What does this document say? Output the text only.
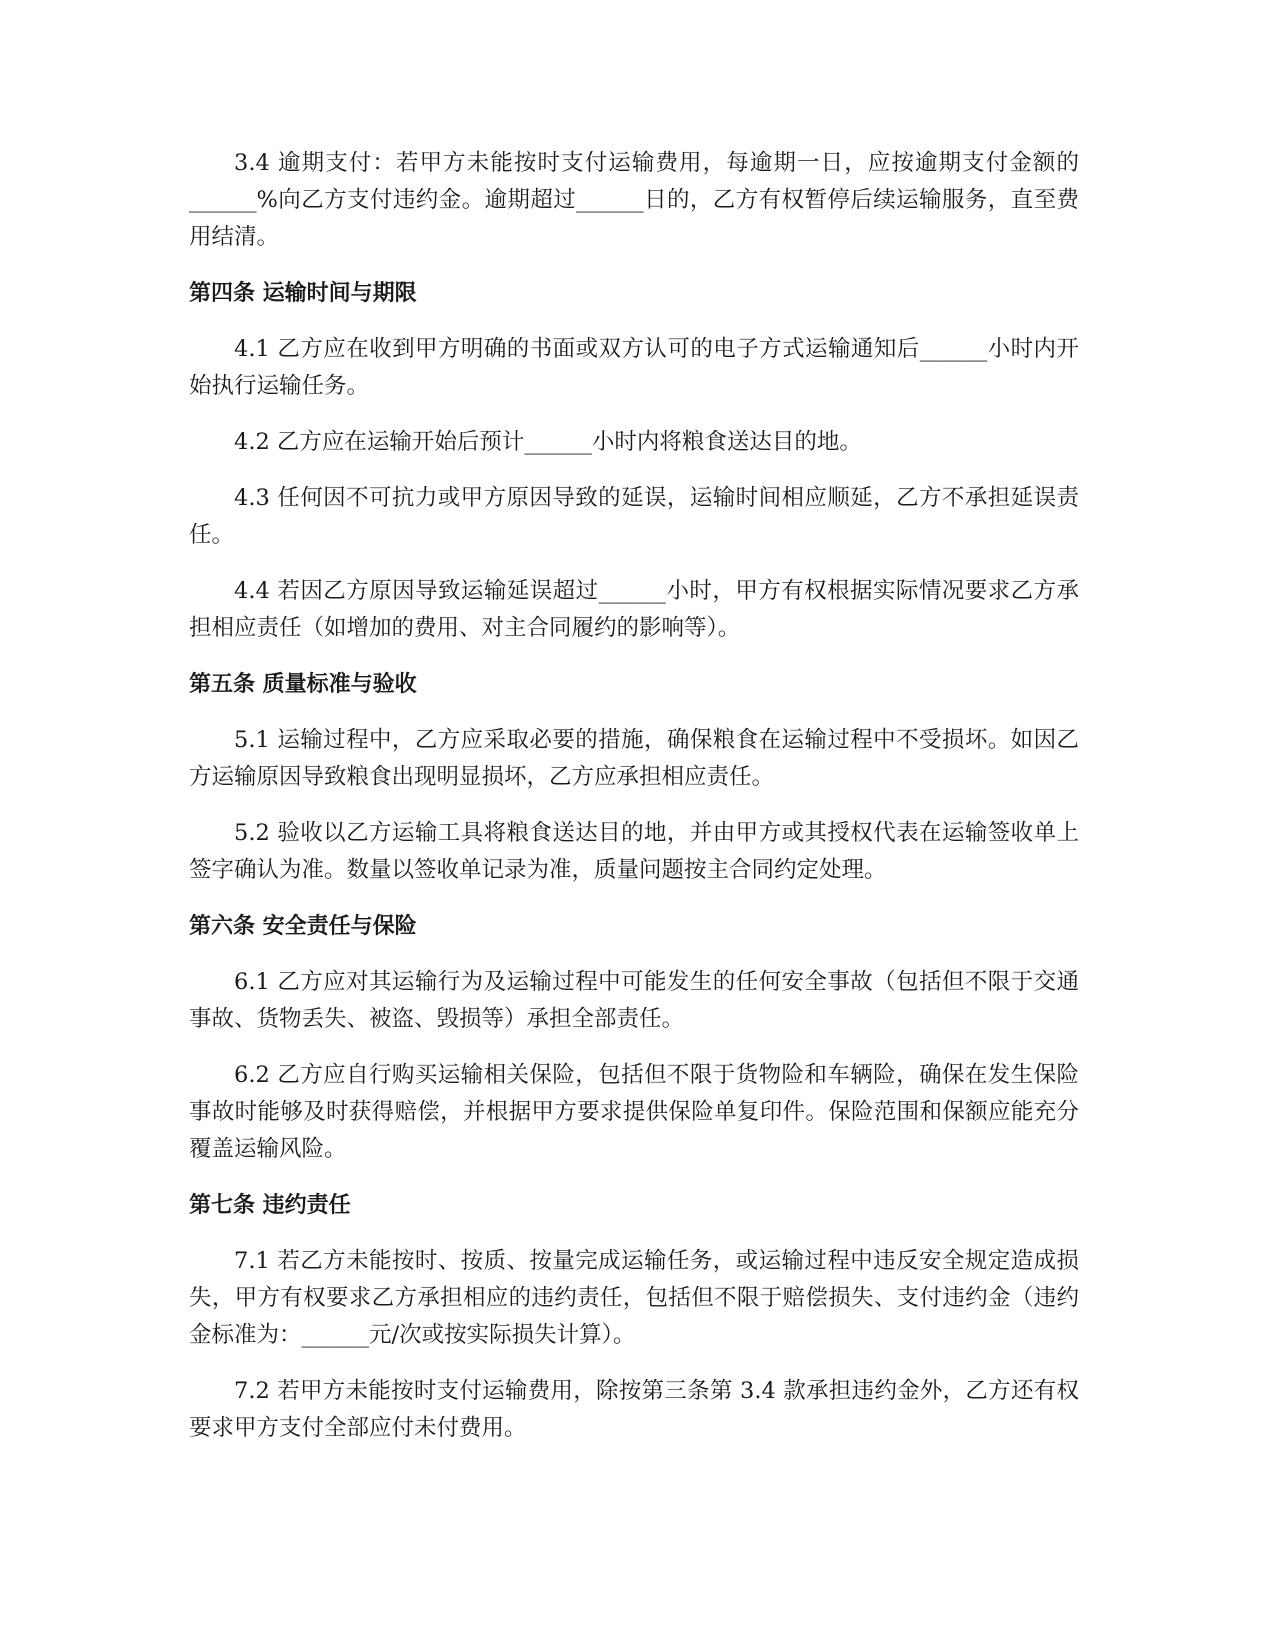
3.4 逾期支付：若甲方未能按时支付运输费用，每逾期一日，应按逾期支付金额的______%向乙方支付违约金。逾期超过______日的，乙方有权暂停后续运输服务，直至费用结清。

第四条 运输时间与期限

4.1 乙方应在收到甲方明确的书面或双方认可的电子方式运输通知后______小时内开始执行运输任务。

4.2 乙方应在运输开始后预计______小时内将粮食送达目的地。

4.3 任何因不可抗力或甲方原因导致的延误，运输时间相应顺延，乙方不承担延误责任。

4.4 若因乙方原因导致运输延误超过______小时，甲方有权根据实际情况要求乙方承担相应责任（如增加的费用、对主合同履约的影响等）。

第五条 质量标准与验收

5.1 运输过程中，乙方应采取必要的措施，确保粮食在运输过程中不受损坏。如因乙方运输原因导致粮食出现明显损坏，乙方应承担相应责任。

5.2 验收以乙方运输工具将粮食送达目的地，并由甲方或其授权代表在运输签收单上签字确认为准。数量以签收单记录为准，质量问题按主合同约定处理。

第六条 安全责任与保险

6.1 乙方应对其运输行为及运输过程中可能发生的任何安全事故（包括但不限于交通事故、货物丢失、被盗、毁损等）承担全部责任。

6.2 乙方应自行购买运输相关保险，包括但不限于货物险和车辆险，确保在发生保险事故时能够及时获得赔偿，并根据甲方要求提供保险单复印件。保险范围和保额应能充分覆盖运输风险。

第七条 违约责任

7.1 若乙方未能按时、按质、按量完成运输任务，或运输过程中违反安全规定造成损失，甲方有权要求乙方承担相应的违约责任，包括但不限于赔偿损失、支付违约金（违约金标准为：______元/次或按实际损失计算）。

7.2 若甲方未能按时支付运输费用，除按第三条第 3.4 款承担违约金外，乙方还有权要求甲方支付全部应付未付费用。
